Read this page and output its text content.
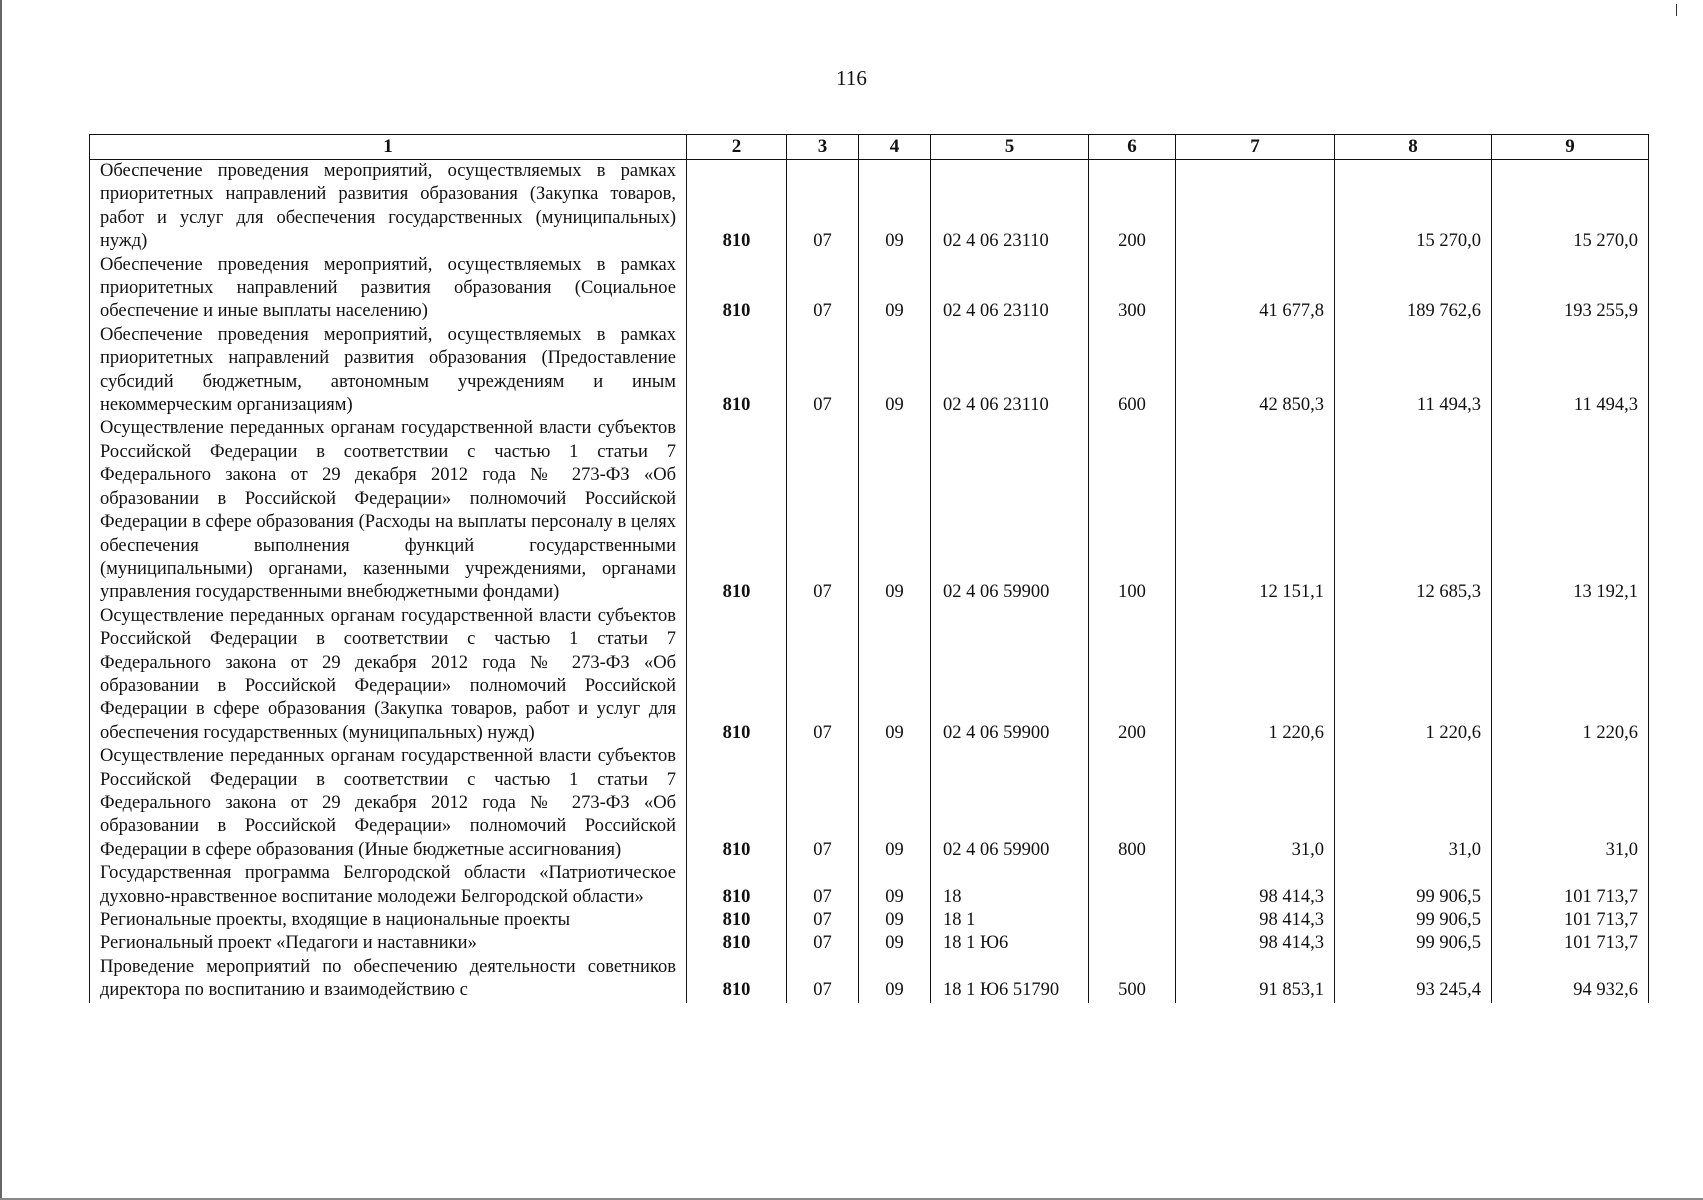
116
1	2	3	4	5	6	7	8	9
Обеспечение проведения мероприятий, осуществляемых в рамках приоритетных направлений развития образования (Закупка товаров, работ и услуг для обеспечения государственных (муниципальных) нужд)	810	07	09	02 4 06 23110	200		15 270,0	15 270,0
Обеспечение проведения мероприятий, осуществляемых в рамках приоритетных направлений развития образования (Социальное обеспечение и иные выплаты населению)	810	07	09	02 4 06 23110	300	41 677,8	189 762,6	193 255,9
Обеспечение проведения мероприятий, осуществляемых в рамках приоритетных направлений развития образования (Предоставление субсидий бюджетным, автономным учреждениям и иным некоммерческим организациям)	810	07	09	02 4 06 23110	600	42 850,3	11 494,3	11 494,3
Осуществление переданных органам государственной власти субъектов Российской Федерации в соответствии с частью 1 статьи 7 Федерального закона от 29 декабря 2012 года № 273-ФЗ «Об образовании в Российской Федерации» полномочий Российской Федерации в сфере образования (Расходы на выплаты персоналу в целях обеспечения выполнения функций государственными (муниципальными) органами, казенными учреждениями, органами управления государственными внебюджетными фондами)	810	07	09	02 4 06 59900	100	12 151,1	12 685,3	13 192,1
Осуществление переданных органам государственной власти субъектов Российской Федерации в соответствии с частью 1 статьи 7 Федерального закона от 29 декабря 2012 года № 273-ФЗ «Об образовании в Российской Федерации» полномочий Российской Федерации в сфере образования (Закупка товаров, работ и услуг для обеспечения государственных (муниципальных) нужд)	810	07	09	02 4 06 59900	200	1 220,6	1 220,6	1 220,6
Осуществление переданных органам государственной власти субъектов Российской Федерации в соответствии с частью 1 статьи 7 Федерального закона от 29 декабря 2012 года № 273-ФЗ «Об образовании в Российской Федерации» полномочий Российской Федерации в сфере образования (Иные бюджетные ассигнования)	810	07	09	02 4 06 59900	800	31,0	31,0	31,0
Государственная программа Белгородской области «Патриотическое духовно-нравственное воспитание молодежи Белгородской области»	810	07	09	18		98 414,3	99 906,5	101 713,7
Региональные проекты, входящие в национальные проекты	810	07	09	18 1		98 414,3	99 906,5	101 713,7
Региональный проект «Педагоги и наставники»	810	07	09	18 1 Ю6		98 414,3	99 906,5	101 713,7
Проведение мероприятий по обеспечению деятельности советников директора по воспитанию и взаимодействию с	810	07	09	18 1 Ю6 51790	500	91 853,1	93 245,4	94 932,6
